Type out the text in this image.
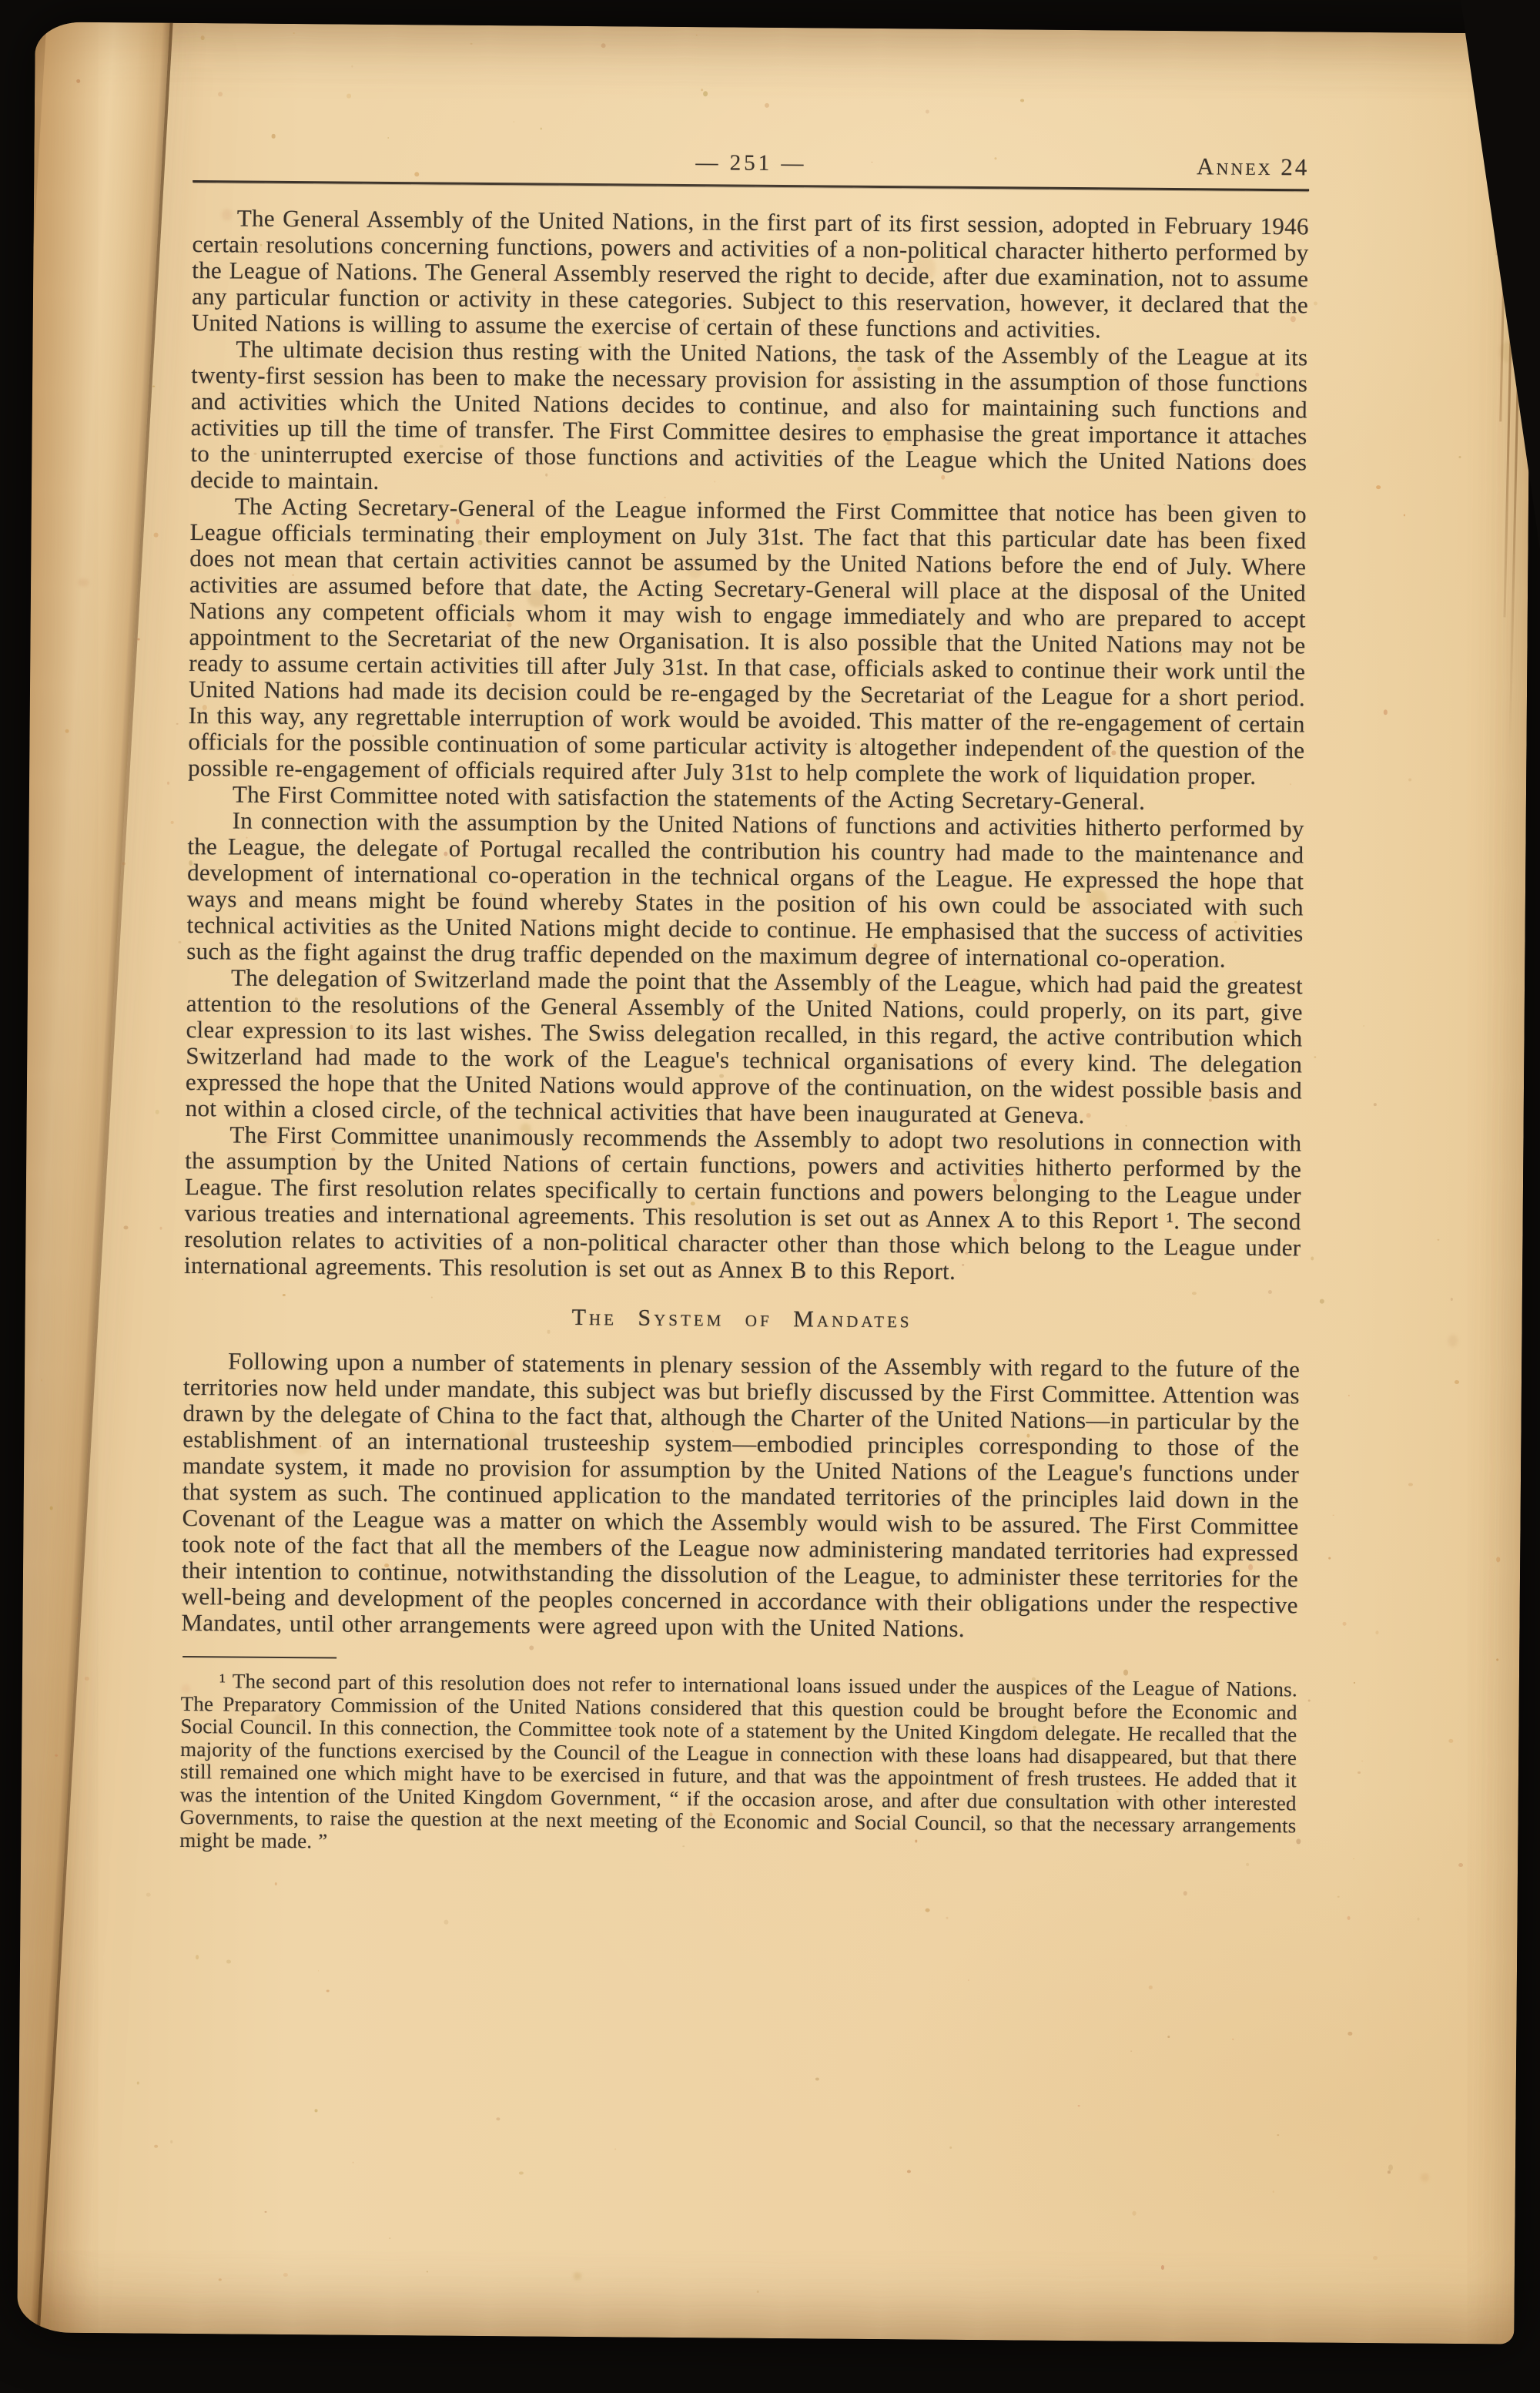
— 251 —	Annex 24

The General Assembly of the United Nations, in the first part of its first session, adopted in February 1946 certain resolutions concerning functions, powers and activities of a non-political character hitherto performed by the League of Nations. The General Assembly reserved the right to decide, after due examination, not to assume any particular function or activity in these categories. Subject to this reservation, however, it declared that the United Nations is willing to assume the exercise of certain of these functions and activities.

The ultimate decision thus resting with the United Nations, the task of the Assembly of the League at its twenty-first session has been to make the necessary provision for assisting in the assumption of those functions and activities which the United Nations decides to continue, and also for maintaining such functions and activities up till the time of transfer. The First Committee desires to emphasise the great importance it attaches to the uninterrupted exercise of those functions and activities of the League which the United Nations does decide to maintain.

The Acting Secretary-General of the League informed the First Committee that notice has been given to League officials terminating their employment on July 31st. The fact that this particular date has been fixed does not mean that certain activities cannot be assumed by the United Nations before the end of July. Where activities are assumed before that date, the Acting Secretary-General will place at the disposal of the United Nations any competent officials whom it may wish to engage immediately and who are prepared to accept appointment to the Secretariat of the new Organisation. It is also possible that the United Nations may not be ready to assume certain activities till after July 31st. In that case, officials asked to continue their work until the United Nations had made its decision could be re-engaged by the Secretariat of the League for a short period. In this way, any regrettable interruption of work would be avoided. This matter of the re-engagement of certain officials for the possible continuation of some particular activity is altogether independent of the question of the possible re-engagement of officials required after July 31st to help complete the work of liquidation proper.

The First Committee noted with satisfaction the statements of the Acting Secretary-General.

In connection with the assumption by the United Nations of functions and activities hitherto performed by the League, the delegate of Portugal recalled the contribution his country had made to the maintenance and development of international co-operation in the technical organs of the League. He expressed the hope that ways and means might be found whereby States in the position of his own could be associated with such technical activities as the United Nations might decide to continue. He emphasised that the success of activities such as the fight against the drug traffic depended on the maximum degree of international co-operation.

The delegation of Switzerland made the point that the Assembly of the League, which had paid the greatest attention to the resolutions of the General Assembly of the United Nations, could properly, on its part, give clear expression to its last wishes. The Swiss delegation recalled, in this regard, the active contribution which Switzerland had made to the work of the League's technical organisations of every kind. The delegation expressed the hope that the United Nations would approve of the continuation, on the widest possible basis and not within a closed circle, of the technical activities that have been inaugurated at Geneva.

The First Committee unanimously recommends the Assembly to adopt two resolutions in connection with the assumption by the United Nations of certain functions, powers and activities hitherto performed by the League. The first resolution relates specifically to certain functions and powers belonging to the League under various treaties and international agreements. This resolution is set out as Annex A to this Report ¹. The second resolution relates to activities of a non-political character other than those which belong to the League under international agreements. This resolution is set out as Annex B to this Report.

The System of Mandates

Following upon a number of statements in plenary session of the Assembly with regard to the future of the territories now held under mandate, this subject was but briefly discussed by the First Committee. Attention was drawn by the delegate of China to the fact that, although the Charter of the United Nations—in particular by the establishment of an international trusteeship system—embodied principles corresponding to those of the mandate system, it made no provision for assumption by the United Nations of the League's functions under that system as such. The continued application to the mandated territories of the principles laid down in the Covenant of the League was a matter on which the Assembly would wish to be assured. The First Committee took note of the fact that all the members of the League now administering mandated territories had expressed their intention to continue, notwithstanding the dissolution of the League, to administer these territories for the well-being and development of the peoples concerned in accordance with their obligations under the respective Mandates, until other arrangements were agreed upon with the United Nations.

¹ The second part of this resolution does not refer to international loans issued under the auspices of the League of Nations. The Preparatory Commission of the United Nations considered that this question could be brought before the Economic and Social Council. In this connection, the Committee took note of a statement by the United Kingdom delegate. He recalled that the majority of the functions exercised by the Council of the League in connection with these loans had disappeared, but that there still remained one which might have to be exercised in future, and that was the appointment of fresh trustees. He added that it was the intention of the United Kingdom Government, “ if the occasion arose, and after due consultation with other interested Governments, to raise the question at the next meeting of the Economic and Social Council, so that the necessary arrangements might be made. ”
